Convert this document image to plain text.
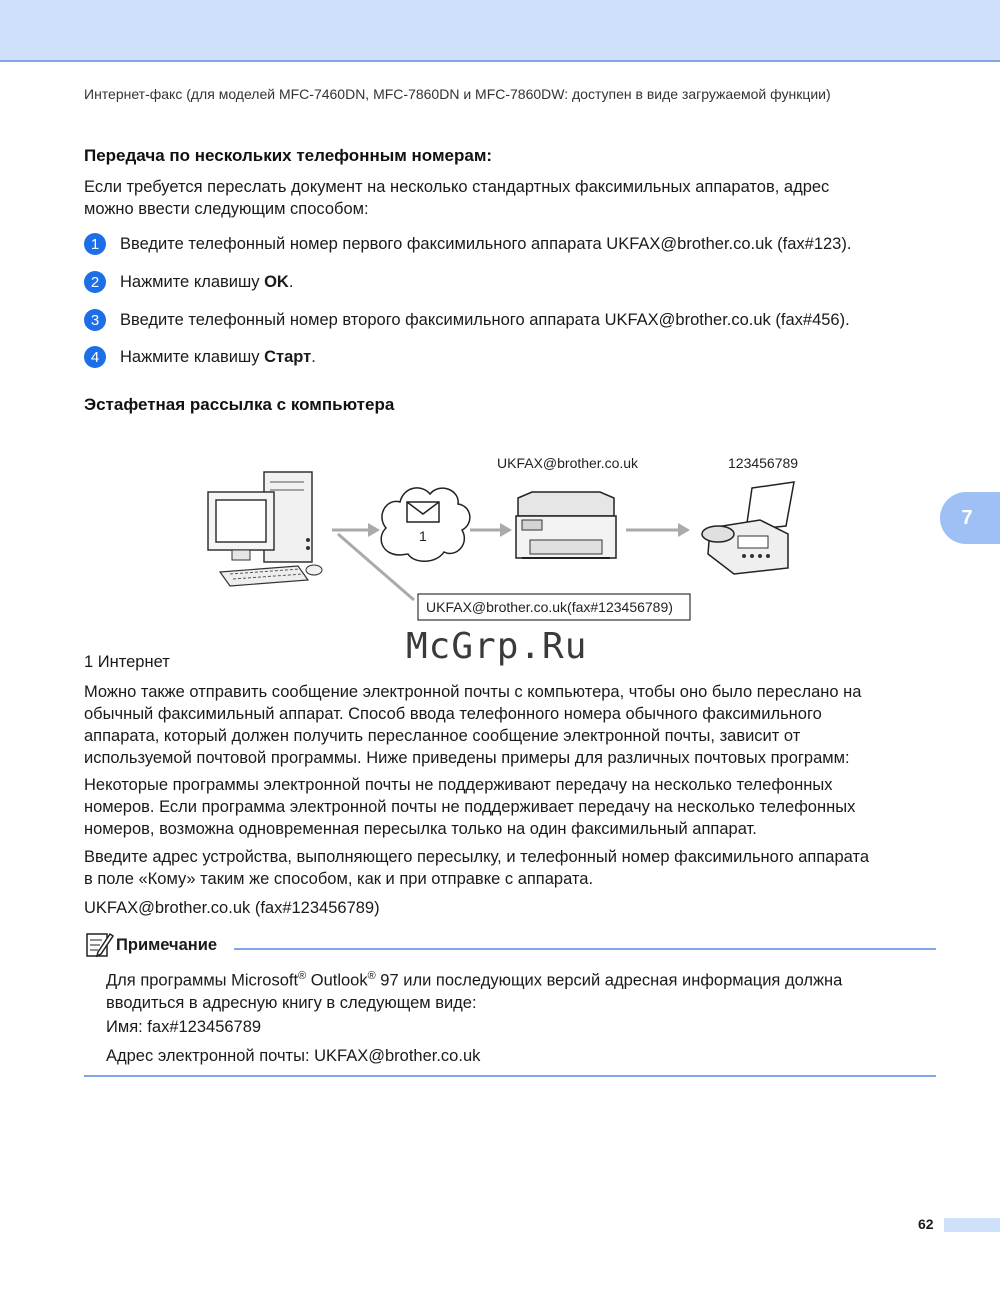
Интернет-факс (для моделей MFC-7460DN, MFC-7860DN и MFC-7860DW: доступен в виде загружаемой функции)
7
Передача по нескольких телефонным номерам:

Если требуется переслать документ на несколько стандартных факсимильных аппаратов, адрес
можно ввести следующим способом:

1	Введите телефонный номер первого факсимильного аппарата UKFAX@brother.co.uk (fax#123).
2	Нажмите клавишу OK .
3	Введите телефонный номер второго факсимильного аппарата UKFAX@brother.co.uk (fax#456).
4	Нажмите клавишу Старт .
Эстафетная рассылка с компьютера
1
UKFAX@brother.co.uk	123456789
UKFAX@brother.co.uk(fax#123456789)
McGrp.Ru
1 Интернет

Можно также отправить сообщение электронной почты с компьютера, чтобы оно было переслано на
обычный факсимильный аппарат. Способ ввода телефонного номера обычного факсимильного
аппарата, который должен получить пересланное сообщение электронной почты, зависит от
используемой почтовой программы. Ниже приведены примеры для различных почтовых программ:

Некоторые программы электронной почты не поддерживают передачу на несколько телефонных
номеров. Если программа электронной почты не поддерживает передачу на несколько телефонных
номеров, возможна одновременная пересылка только на один факсимильный аппарат.

Введите адрес устройства, выполняющего пересылку, и телефонный номер факсимильного аппарата
в поле «Кому» таким же способом, как и при отправке с аппарата.

UKFAX@brother.co.uk (fax#123456789)

Примечание

Для программы Microsoft® Outlook® 97 или последующих версий адресная информация должна
вводиться в адресную книгу в следующем виде:

Имя: fax#123456789

Адрес электронной почты: UKFAX@brother.co.uk

62
